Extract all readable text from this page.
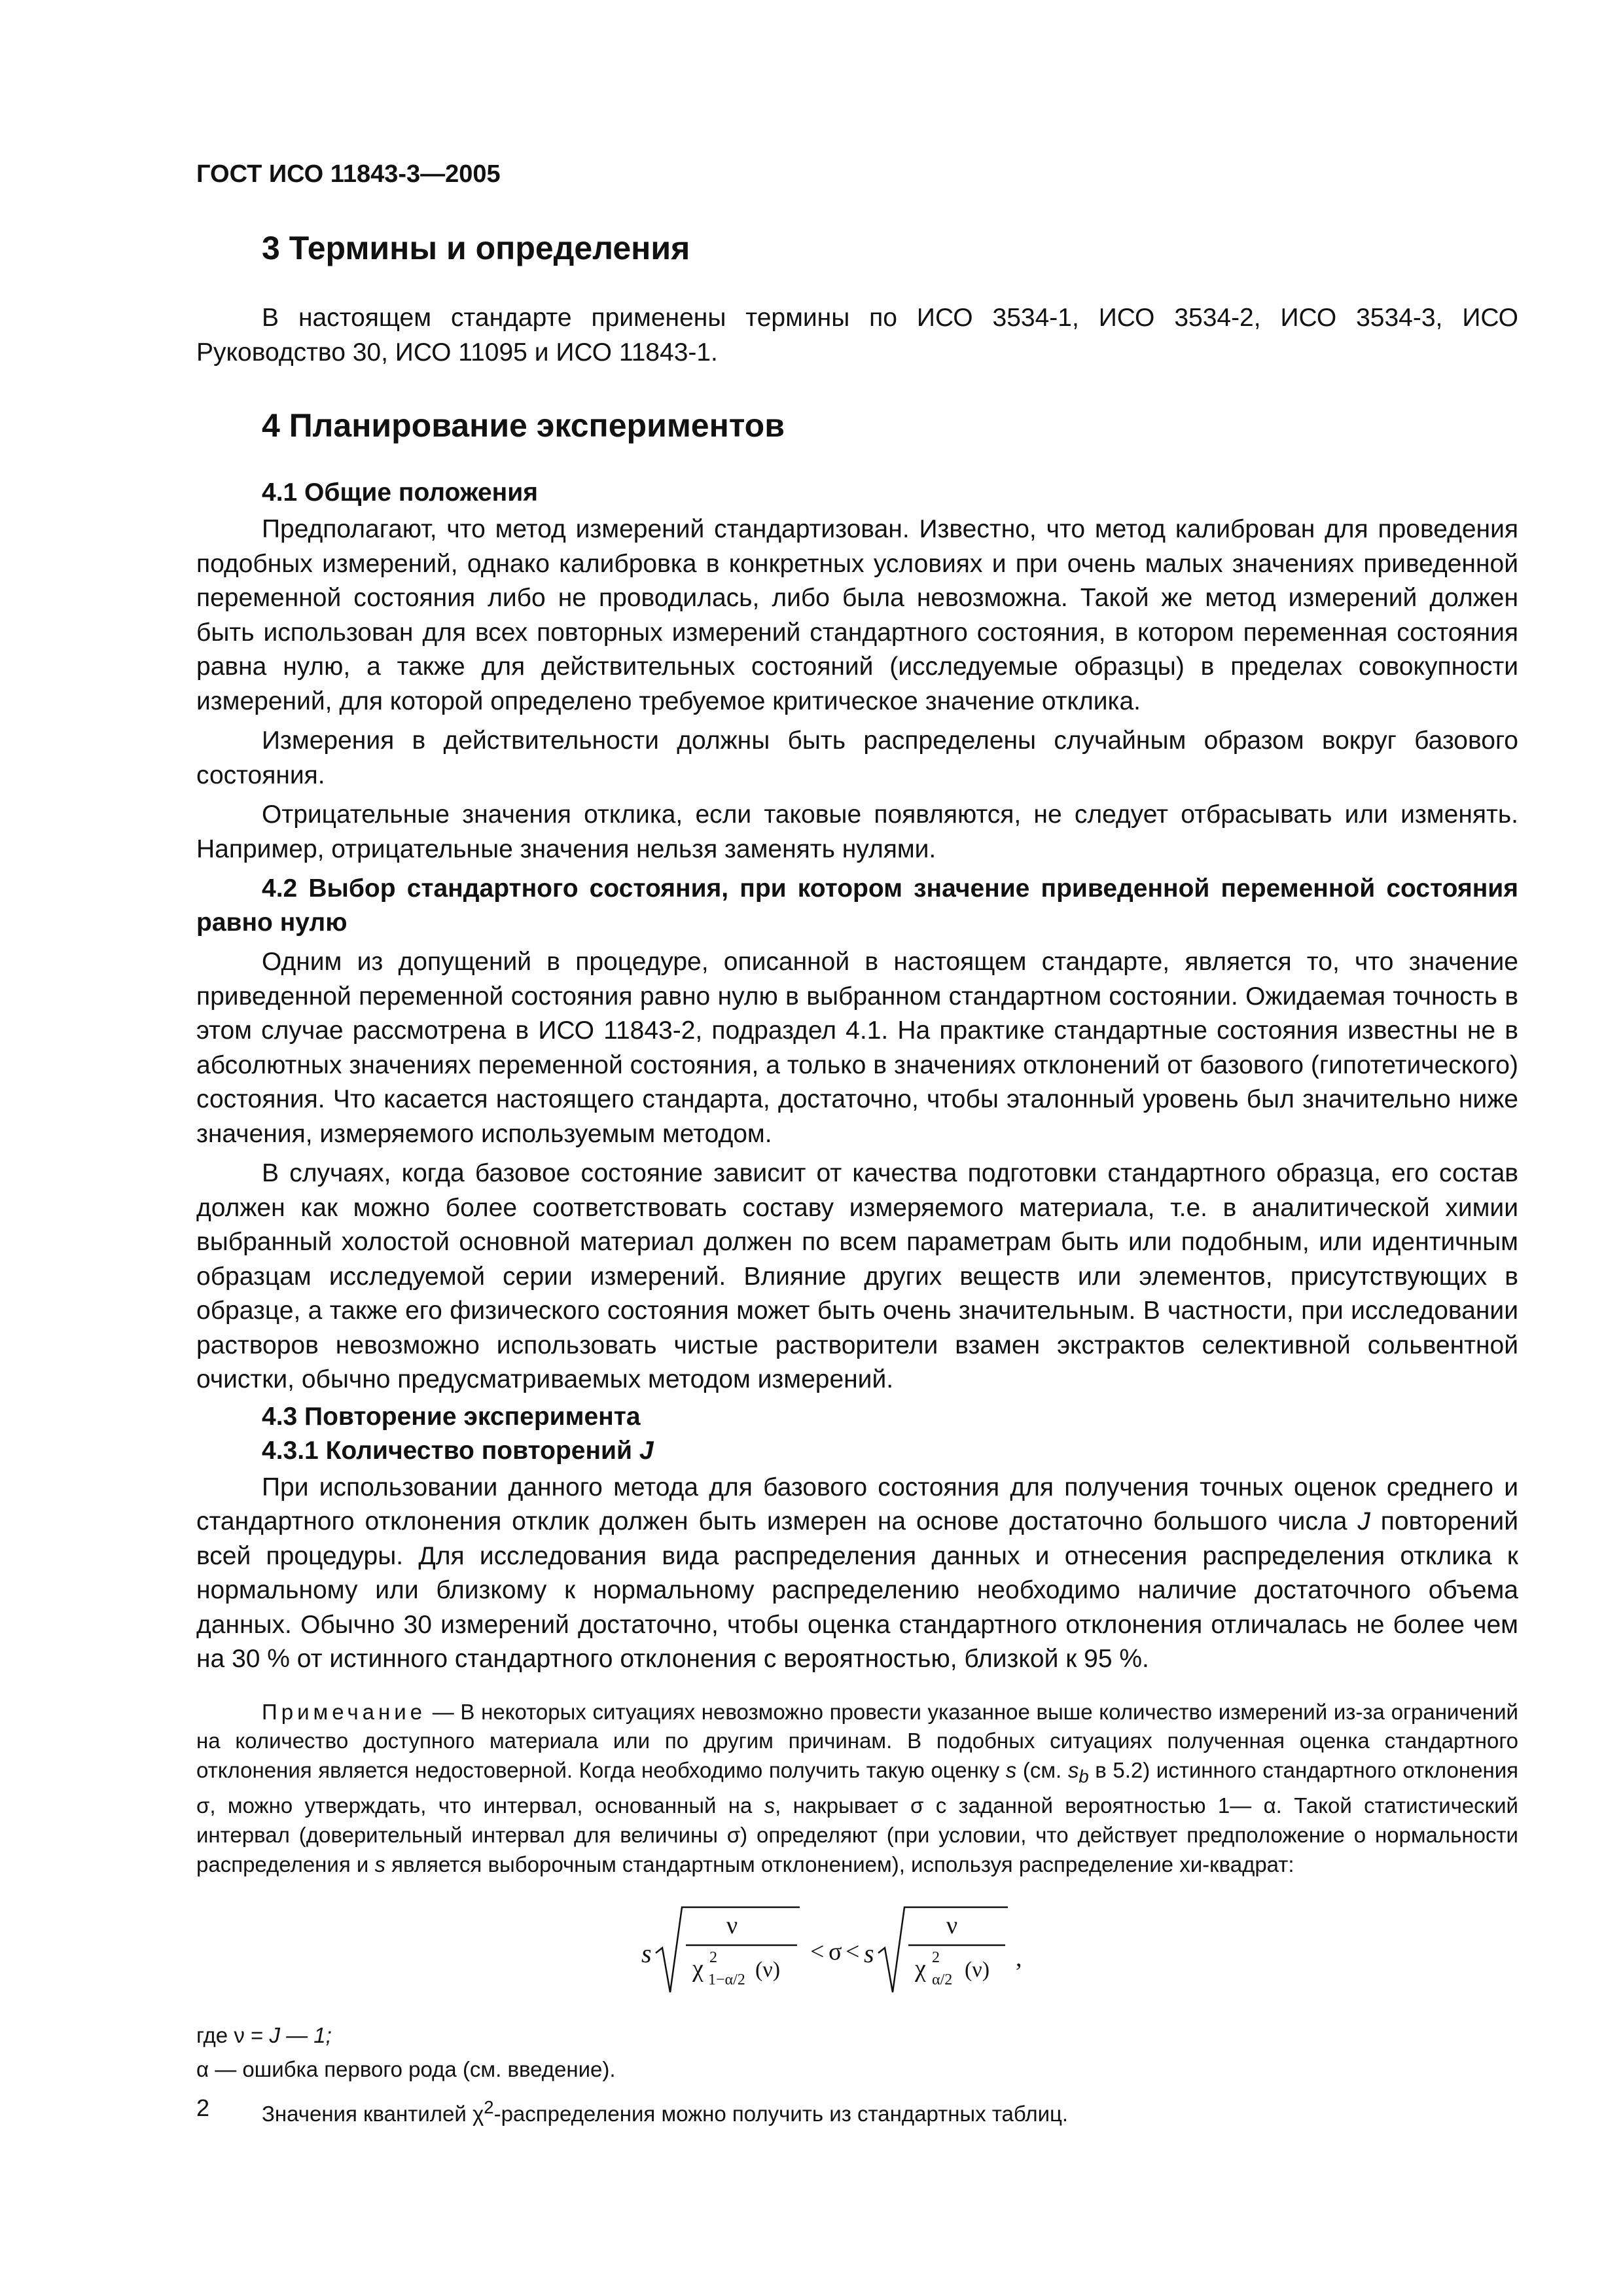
ГОСТ ИСО 11843-3—2005
3 Термины и определения

В настоящем стандарте применены термины по ИСО 3534-1, ИСО 3534-2, ИСО 3534-3, ИСО Руководство 30, ИСО 11095 и ИСО 11843-1.

4 Планирование экспериментов
4.1 Общие положения

Предполагают, что метод измерений стандартизован. Известно, что метод калиброван для проведения подобных измерений, однако калибровка в конкретных условиях и при очень малых значениях приведенной переменной состояния либо не проводилась, либо была невозможна. Такой же метод измерений должен быть использован для всех повторных измерений стандартного состояния, в котором переменная состояния равна нулю, а также для действительных состояний (исследуемые образцы) в пределах совокупности измерений, для которой определено требуемое критическое значение отклика.

Измерения в действительности должны быть распределены случайным образом вокруг базового состояния.

Отрицательные значения отклика, если таковые появляются, не следует отбрасывать или изменять. Например, отрицательные значения нельзя заменять нулями.

4.2 Выбор стандартного состояния, при котором значение приведенной переменной состояния равно нулю

Одним из допущений в процедуре, описанной в настоящем стандарте, является то, что значение приведенной переменной состояния равно нулю в выбранном стандартном состоянии. Ожидаемая точность в этом случае рассмотрена в ИСО 11843-2, подраздел 4.1. На практике стандартные состояния известны не в абсолютных значениях переменной состояния, а только в значениях отклонений от базового (гипотетического) состояния. Что касается настоящего стандарта, достаточно, чтобы эталонный уровень был значительно ниже значения, измеряемого используемым методом.

В случаях, когда базовое состояние зависит от качества подготовки стандартного образца, его состав должен как можно более соответствовать составу измеряемого материала, т.е. в аналитической химии выбранный холостой основной материал должен по всем параметрам быть или подобным, или идентичным образцам исследуемой серии измерений. Влияние других веществ или элементов, присутствующих в образце, а также его физического состояния может быть очень значительным. В частности, при исследовании растворов невозможно использовать чистые растворители взамен экстрактов селективной сольвентной очистки, обычно предусматриваемых методом измерений.

4.3 Повторение эксперимента
4.3.1 Количество повторений J

При использовании данного метода для базового состояния для получения точных оценок среднего и стандартного отклонения отклик должен быть измерен на основе достаточно большого числа J повторений всей процедуры. Для исследования вида распределения данных и отнесения распределения отклика к нормальному или близкому к нормальному распределению необходимо наличие достаточного объема данных. Обычно 30 измерений достаточно, чтобы оценка стандартного отклонения отличалась не более чем на 30 % от истинного стандартного отклонения с вероятностью, близкой к 95 %.

Примечание — В некоторых ситуациях невозможно провести указанное выше количество измерений из-за ограничений на количество доступного материала или по другим причинам. В подобных ситуациях полученная оценка стандартного отклонения является недостоверной. Когда необходимо получить такую оценку s (см. $s_b$ в 5.2) истинного стандартного отклонения σ, можно утверждать, что интервал, основанный на s, накрывает σ с заданной вероятностью 1— α. Такой статистический интервал (доверительный интервал для величины σ) определяют (при условии, что действует предположение о нормальности распределения и s является выборочным стандартным отклонением), используя распределение хи-квадрат:

s
ν
χ 2
1−α/2 (ν)
< σ < s
ν
χ 2
α/2 (ν) ,

где ν = J — 1;

α — ошибка первого рода (см. введение).

Значения квантилей $\chi^2$-распределения можно получить из стандартных таблиц.

2
